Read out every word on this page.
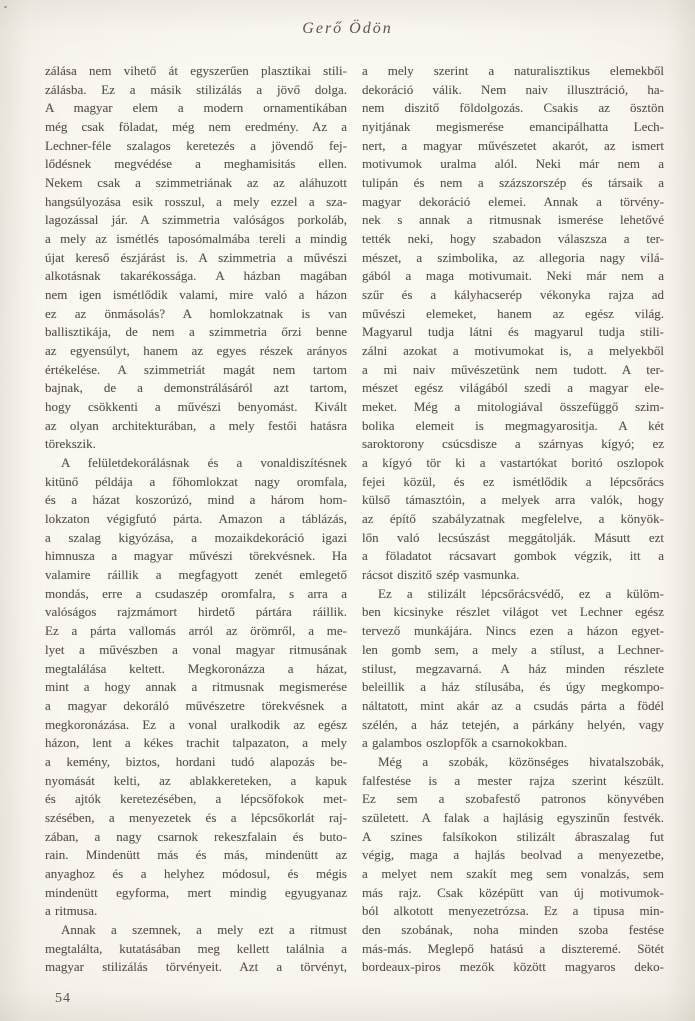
Gerő Ödön
zálása nem vihető át egyszerűen plasztikai stili-
zálásba. Ez a másik stilizálás a jövő dolga.
A magyar elem a modern ornamentikában
még csak föladat, még nem eredmény. Az a
Lechner-féle szalagos keretezés a jövendő fej-
lődésnek megvédése a meghamisitás ellen.
Nekem csak a szimmetriának az az aláhuzott
hangsúlyozása esik rosszul, a mely ezzel a sza-
lagozással jár. A szimmetria valóságos porkoláb,
a mely az ismétlés taposómalmába tereli a mindig
újat kereső észjárást is. A szimmetria a művészi
alkotásnak takarékossága. A házban magában
nem igen ismétlődik valami, mire való a házon
ez az önmásolás? A homlokzatnak is van
ballisztikája, de nem a szimmetria őrzi benne
az egyensúlyt, hanem az egyes részek arányos
értékelése. A szimmetriát magát nem tartom
bajnak, de a demonstrálásáról azt tartom,
hogy csökkenti a művészi benyomást. Kivált
az olyan architekturában, a mely festői hatásra
törekszik.
A felületdekorálásnak és a vonaldiszítésnek
kitünő példája a főhomlokzat nagy oromfala,
és a házat koszorúzó, mind a három hom-
lokzaton végigfutó párta. Amazon a táblázás,
a szalag kigyózása, a mozaikdekoráció igazi
himnusza a magyar művészi törekvésnek. Ha
valamire ráillik a megfagyott zenét emlegető
mondás, erre a csudaszép oromfalra, s arra a
valóságos rajzmámort hirdető pártára ráillik.
Ez a párta vallomás arról az örömről, a me-
lyet a művészben a vonal magyar ritmusának
megtalálása keltett. Megkoronázza a házat,
mint a hogy annak a ritmusnak megismerése
a magyar dekoráló művészetre törekvésnek a
megkoronázása. Ez a vonal uralkodik az egész
házon, lent a kékes trachit talpazaton, a mely
a kemény, biztos, hordani tudó alapozás be-
nyomását kelti, az ablakkereteken, a kapuk
és ajtók keretezésében, a lépcsőfokok met-
szésében, a menyezetek és a lépcsőkorlát raj-
zában, a nagy csarnok rekeszfalain és buto-
rain. Mindenütt más és más, mindenütt az
anyaghoz és a helyhez módosul, és mégis
mindenütt egyforma, mert mindig egyugyanaz
a ritmusa.
Annak a szemnek, a mely ezt a ritmust
megtalálta, kutatásában meg kellett találnia a
magyar stilizálás törvényeit. Azt a törvényt,
a mely szerint a naturalisztikus elemekből
dekoráció válik. Nem naiv illusztráció, ha-
nem diszitő földolgozás. Csakis az ösztön
nyitjának megismerése emancipálhatta Lech-
nert, a magyar művészetet akarót, az ismert
motivumok uralma alól. Neki már nem a
tulipán és nem a százszorszép és társaik a
magyar dekoráció elemei. Annak a törvény-
nek s annak a ritmusnak ismerése lehetővé
tették neki, hogy szabadon válaszsza a ter-
mészet, a szimbolika, az allegoria nagy vilá-
gából a maga motivumait. Neki már nem a
szűr és a kályhacserép vékonyka rajza ad
művészi elemeket, hanem az egész világ.
Magyarul tudja látni és magyarul tudja stili-
zálni azokat a motivumokat is, a melyekből
a mi naiv művészetünk nem tudott. A ter-
mészet egész világából szedi a magyar ele-
meket. Még a mitologiával összefüggő szim-
bolika elemeit is megmagyarositja. A két
saroktorony csúcsdisze a szárnyas kígyó; ez
a kígyó tör ki a vastartókat boritó oszlopok
fejei közül, és ez ismétlődik a lépcsőrács
külső támasztóin, a melyek arra valók, hogy
az építő szabályzatnak megfelelve, a könyök-
lőn való lecsúszást meggátolják. Másutt ezt
a föladatot rácsavart gombok végzik, itt a
rácsot diszitő szép vasmunka.
Ez a stilizált lépcsőrácsvédő, ez a külöm-
ben kicsinyke részlet világot vet Lechner egész
tervező munkájára. Nincs ezen a házon egyet-
len gomb sem, a mely a stílust, a Lechner-
stilust, megzavarná. A ház minden részlete
beleillik a ház stílusába, és úgy megkompo-
náltatott, mint akár az a csudás párta a födél
szélén, a ház tetején, a párkány helyén, vagy
a galambos oszlopfők a csarnokokban.
Még a szobák, közönséges hivatalszobák,
falfestése is a mester rajza szerint készült.
Ez sem a szobafestő patronos könyvében
született. A falak a hajlásig egyszinűn festvék.
A szines falsíkokon stilizált ábraszalag fut
végig, maga a hajlás beolvad a menyezetbe,
a melyet nem szakít meg sem vonalzás, sem
más rajz. Csak középütt van új motivumok-
ból alkotott menyezetrózsa. Ez a tipusa min-
den szobának, noha minden szoba festése
más-más. Meglepő hatású a diszteremé. Sötét
bordeaux-piros mezők között magyaros deko-
54
